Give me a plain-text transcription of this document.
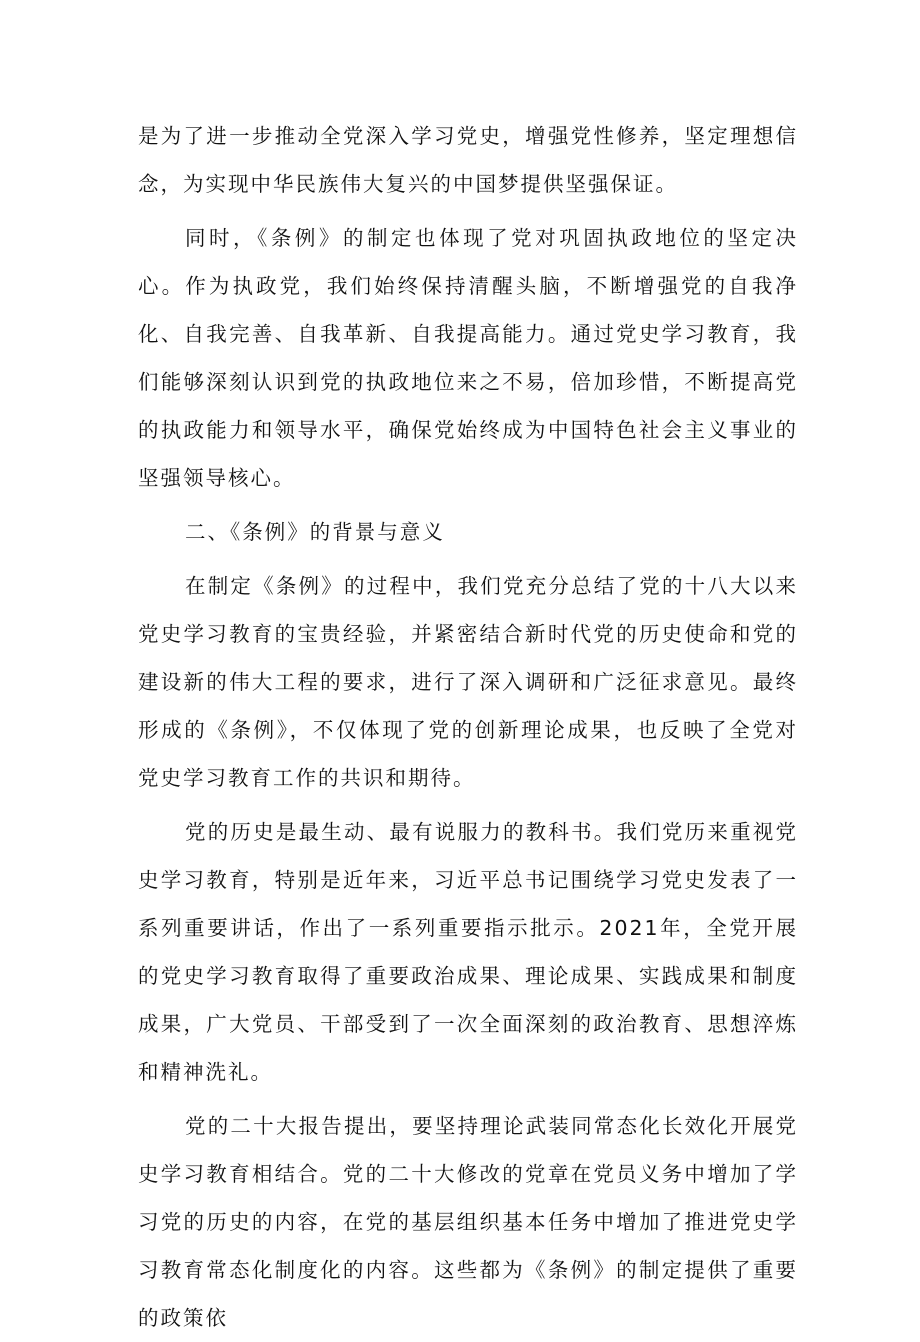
是为了进一步推动全党深入学习党史，增强党性修养，坚定理想信念，为实现中华民族伟大复兴的中国梦提供坚强保证。

同时，《条例》的制定也体现了党对巩固执政地位的坚定决心。作为执政党，我们始终保持清醒头脑，不断增强党的自我净化、自我完善、自我革新、自我提高能力。通过党史学习教育，我们能够深刻认识到党的执政地位来之不易，倍加珍惜，不断提高党的执政能力和领导水平，确保党始终成为中国特色社会主义事业的坚强领导核心。

二、《条例》的背景与意义

在制定《条例》的过程中，我们党充分总结了党的十八大以来党史学习教育的宝贵经验，并紧密结合新时代党的历史使命和党的建设新的伟大工程的要求，进行了深入调研和广泛征求意见。最终形成的《条例》，不仅体现了党的创新理论成果，也反映了全党对党史学习教育工作的共识和期待。

党的历史是最生动、最有说服力的教科书。我们党历来重视党史学习教育，特别是近年来，习近平总书记围绕学习党史发表了一系列重要讲话，作出了一系列重要指示批示。2021年，全党开展的党史学习教育取得了重要政治成果、理论成果、实践成果和制度成果，广大党员、干部受到了一次全面深刻的政治教育、思想淬炼和精神洗礼。

党的二十大报告提出，要坚持理论武装同常态化长效化开展党史学习教育相结合。党的二十大修改的党章在党员义务中增加了学习党的历史的内容，在党的基层组织基本任务中增加了推进党史学习教育常态化制度化的内容。这些都为《条例》的制定提供了重要的政策依
